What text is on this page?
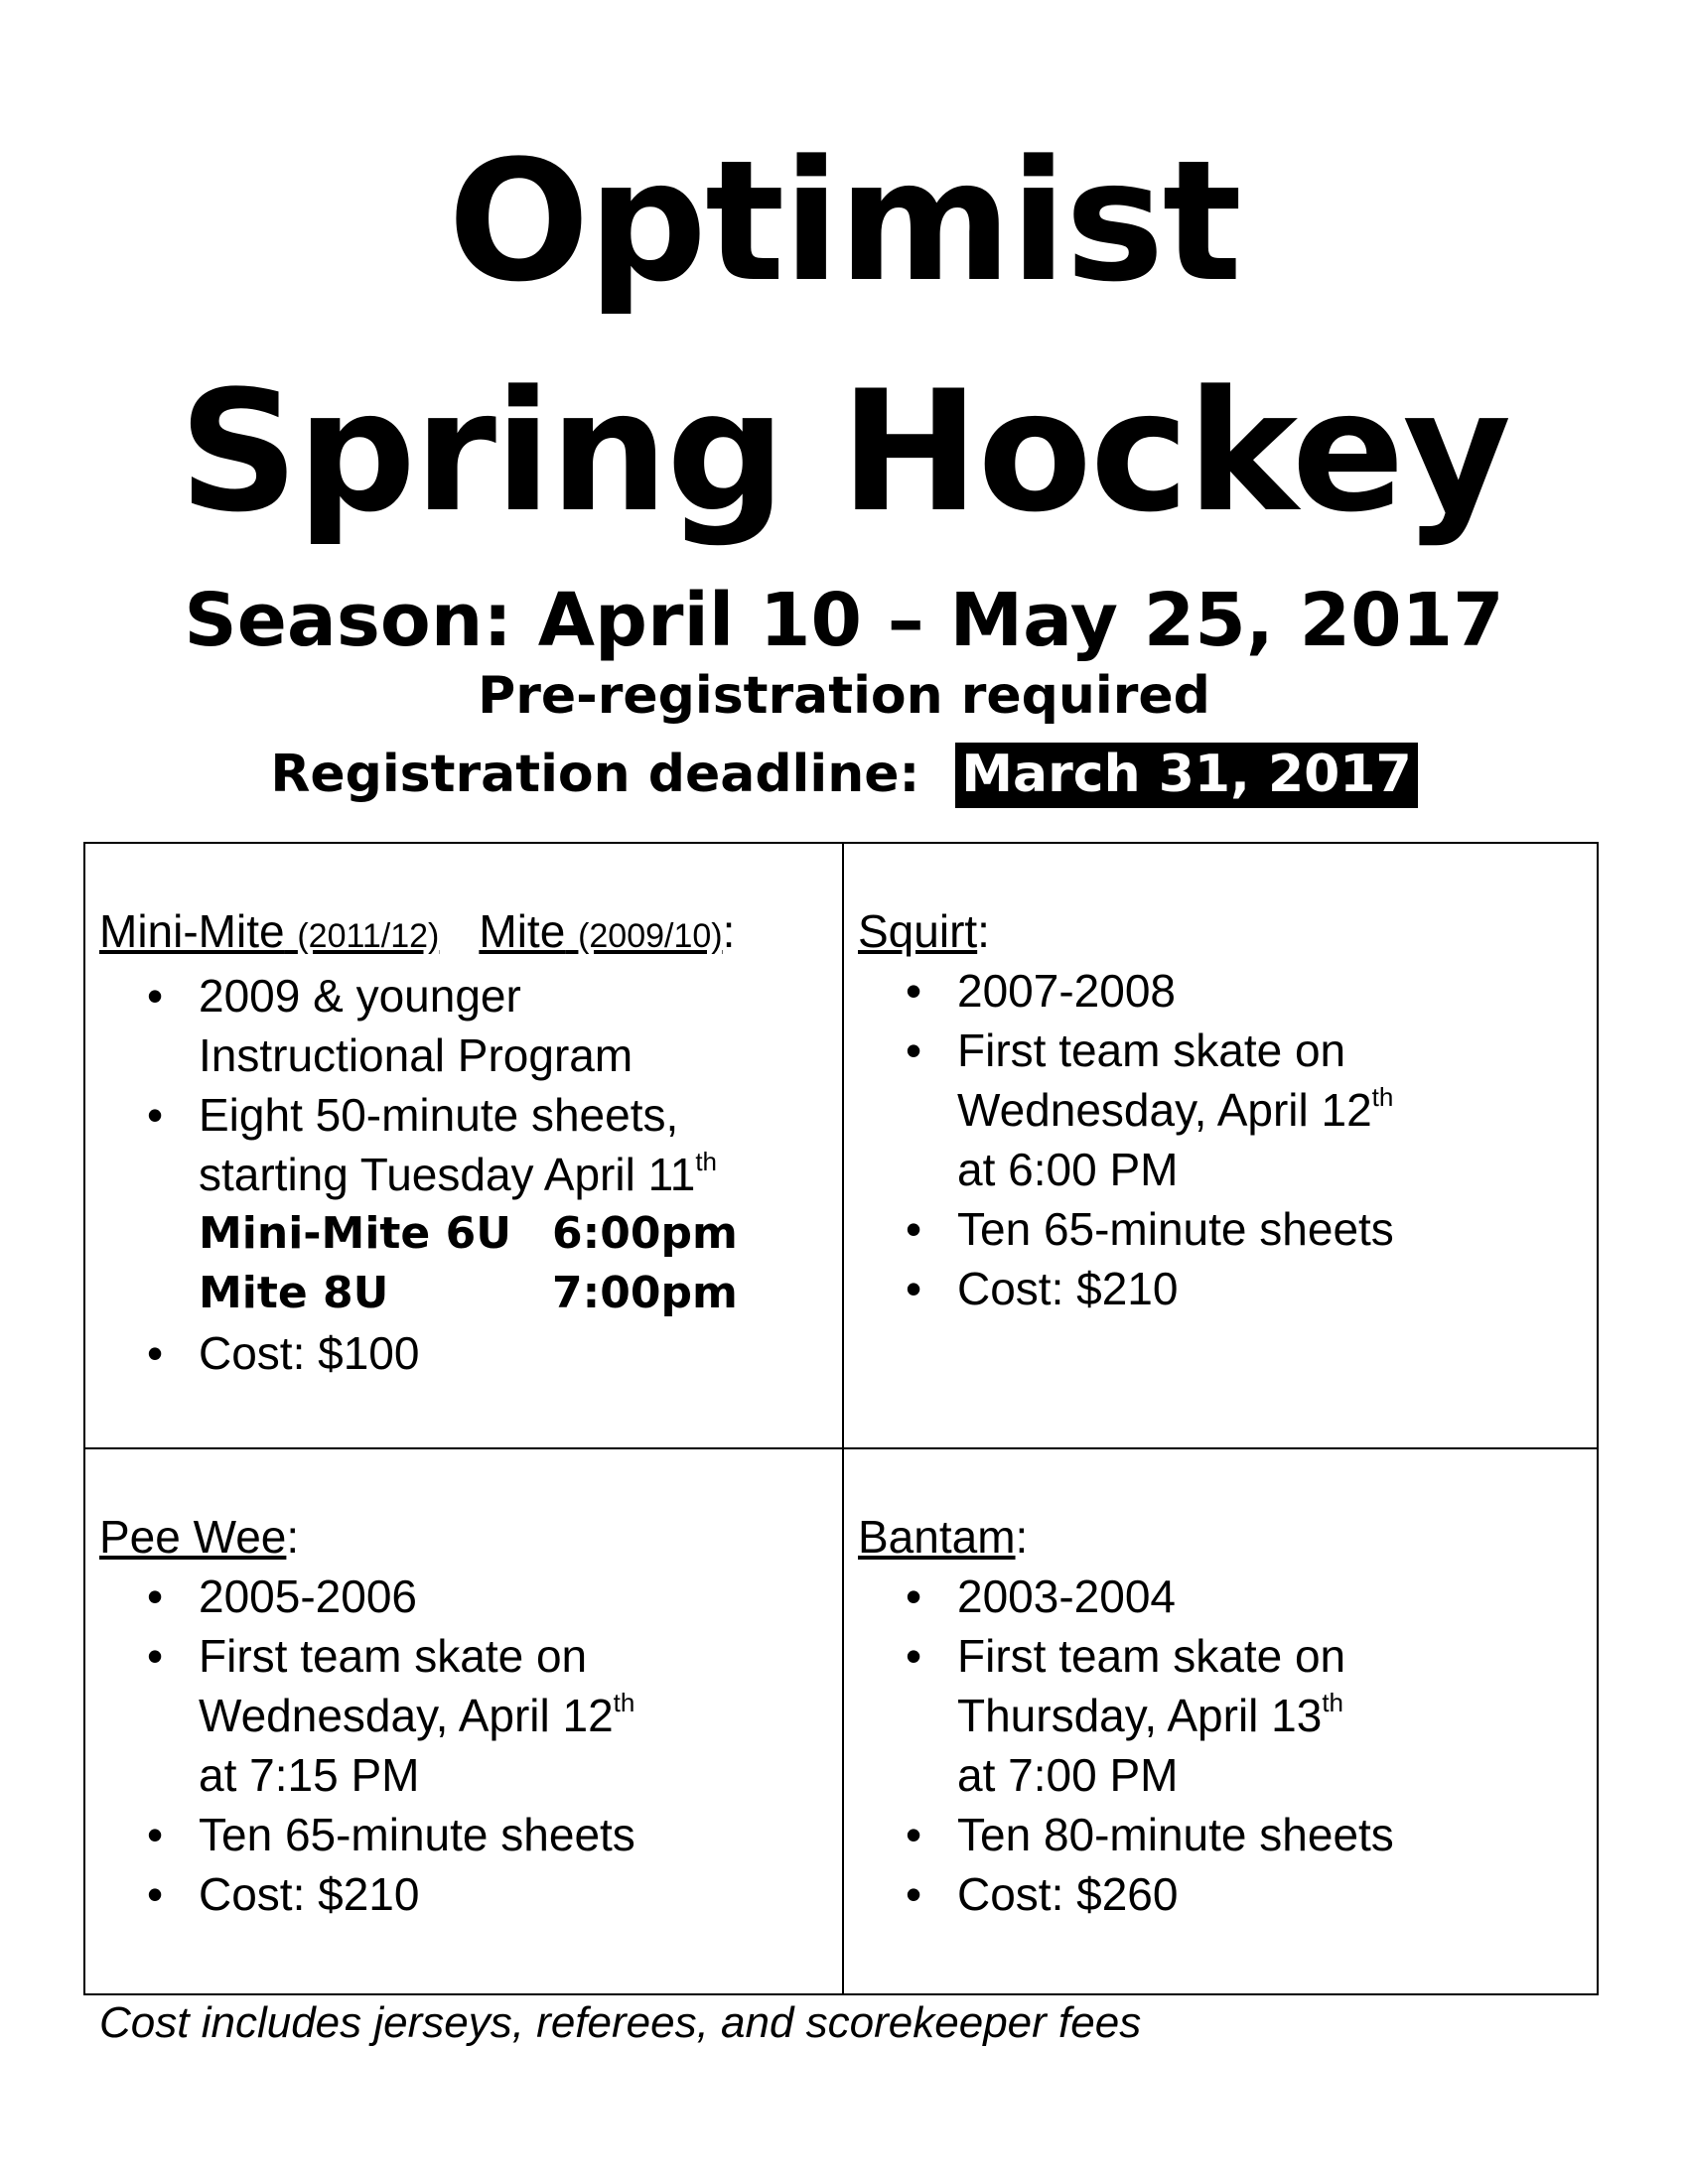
Optimist
Spring Hockey
Season: April 10 – May 25, 2017
Pre-registration required
Registration deadline: March 31, 2017
Mini-Mite (2011/12) Mite (2009/10):
• 2009 & younger
Instructional Program
• Eight 50-minute sheets,
starting Tuesday April 11th
Mini-Mite 6U 6:00pm
Mite 8U	7:00pm
• Cost: $100
Squirt:
• 2007-2008
• First team skate on
Wednesday, April 12th
at 6:00 PM
• Ten 65-minute sheets
• Cost: $210
Pee Wee:
• 2005-2006
• First team skate on
Wednesday, April 12th
at 7:15 PM
• Ten 65-minute sheets
• Cost: $210
Bantam:
• 2003-2004
• First team skate on
Thursday, April 13th
at 7:00 PM
• Ten 80-minute sheets
• Cost: $260
Cost includes jerseys, referees, and scorekeeper fees
